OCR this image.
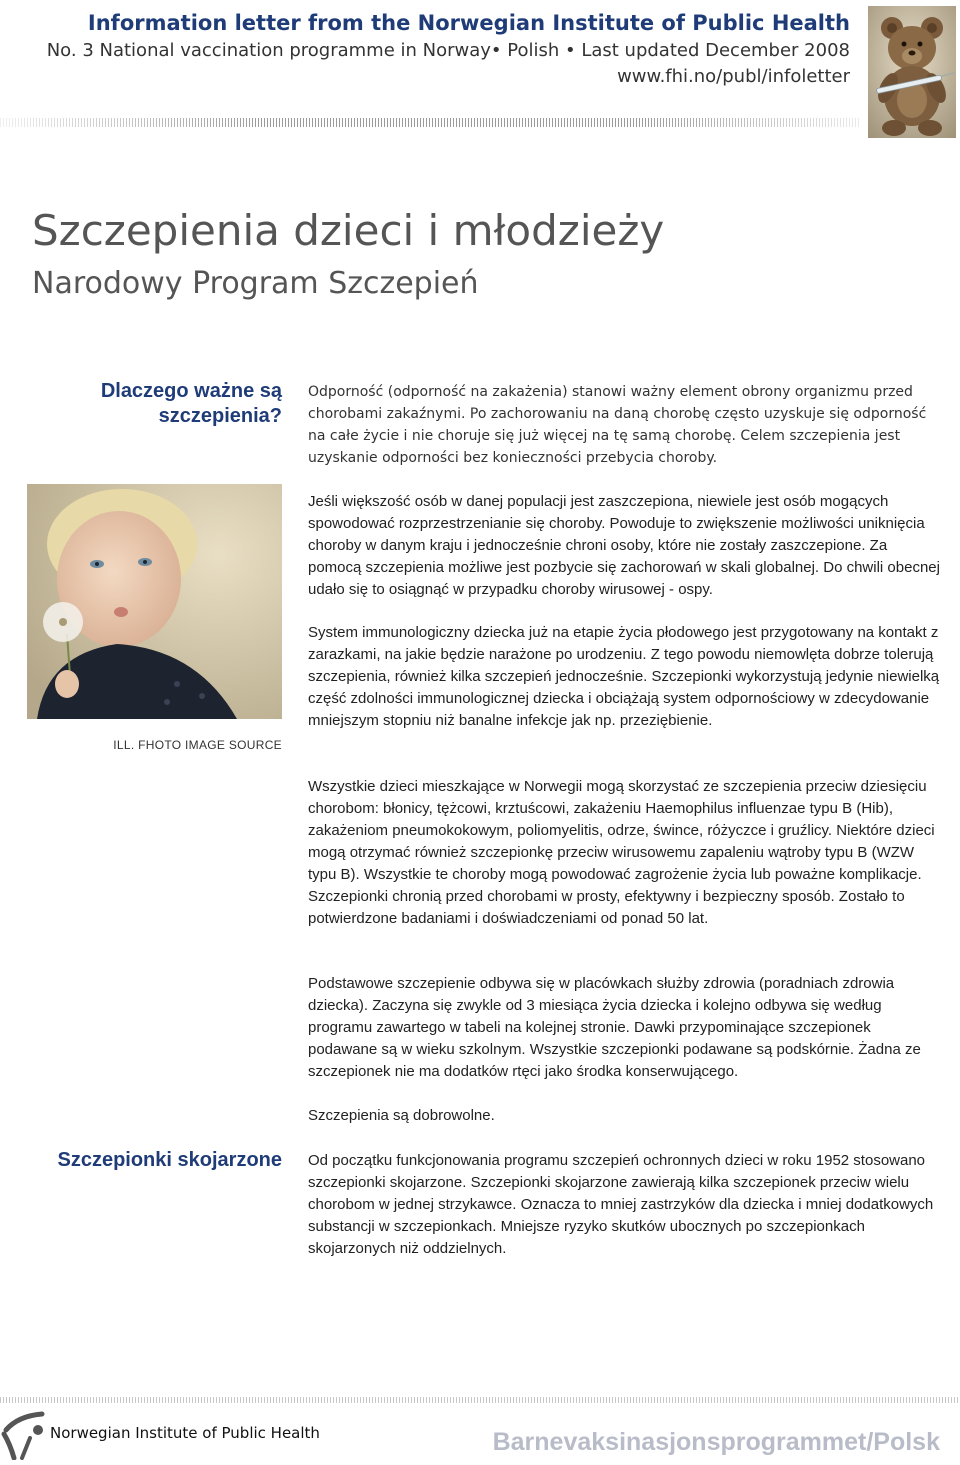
Information letter from the Norwegian Institute of Public Health

No. 3 National vaccination programme in Norway• Polish • Last updated December 2008

www.fhi.no/publ/infoletter

Szczepienia dzieci i młodzieży
Narodowy Program Szczepień
Dlaczego ważne są
szczepienia?
ILL. FHOTO IMAGE SOURCE

Odporność (odporność na zakażenia) stanowi ważny element obrony organizmu przed chorobami zakaźnymi. Po zachorowaniu na daną chorobę często uzyskuje się odporność na całe życie i nie choruje się już więcej na tę samą chorobę. Celem szczepienia jest uzyskanie odporności bez konieczności przebycia choroby.

Jeśli większość osób w danej populacji jest zaszczepiona, niewiele jest osób mogących spowodować rozprzestrzenianie się choroby. Powoduje to zwiększenie możliwości uniknięcia choroby w danym kraju i jednocześnie chroni osoby, które nie zostały zaszczepione. Za pomocą szczepienia możliwe jest pozbycie się zachorowań w skali globalnej. Do chwili obecnej udało się to osiągnąć w przypadku choroby wirusowej - ospy.

System immunologiczny dziecka już na etapie życia płodowego jest przygotowany na kontakt z zarazkami, na jakie będzie narażone po urodzeniu. Z tego powodu niemowlęta dobrze tolerują szczepienia, również kilka szczepień jednocześnie. Szczepionki wykorzystują jedynie niewielką część zdolności immunologicznej dziecka i obciążają system odpornościowy w zdecydowanie mniejszym stopniu niż banalne infekcje jak np. przeziębienie.

Wszystkie dzieci mieszkające w Norwegii mogą skorzystać ze szczepienia przeciw dziesięciu chorobom: błonicy, tężcowi, krztuścowi, zakażeniu Haemophilus influenzae typu B (Hib), zakażeniom pneumokokowym, poliomyelitis, odrze, śwince, różyczce i gruźlicy. Niektóre dzieci mogą otrzymać również szczepionkę przeciw wirusowemu zapaleniu wątroby typu B (WZW typu B). Wszystkie te choroby mogą powodować zagrożenie życia lub poważne komplikacje. Szczepionki chronią przed chorobami w prosty, efektywny i bezpieczny sposób. Zostało to potwierdzone badaniami i doświadczeniami od ponad 50 lat.

Podstawowe szczepienie odbywa się w placówkach służby zdrowia (poradniach zdrowia dziecka). Zaczyna się zwykle od 3 miesiąca życia dziecka i kolejno odbywa się według programu zawartego w tabeli na kolejnej stronie. Dawki przypominające szczepionek podawane są w wieku szkolnym. Wszystkie szczepionki podawane są podskórnie. Żadna ze szczepionek nie ma dodatków rtęci jako środka konserwującego.

Szczepienia są dobrowolne.

Szczepionki skojarzone Od początku funkcjonowania programu szczepień ochronnych dzieci w roku 1952 stosowano szczepionki skojarzone. Szczepionki skojarzone zawierają kilka szczepionek przeciw wielu chorobom w jednej strzykawce. Oznacza to mniej zastrzyków dla dziecka i mniej dodatkowych substancji w szczepionkach. Mniejsze ryzyko skutków ubocznych po szczepionkach skojarzonych niż oddzielnych.

Norwegian Institute of Public Health	Barnevaksinasjonsprogrammet/Polsk
